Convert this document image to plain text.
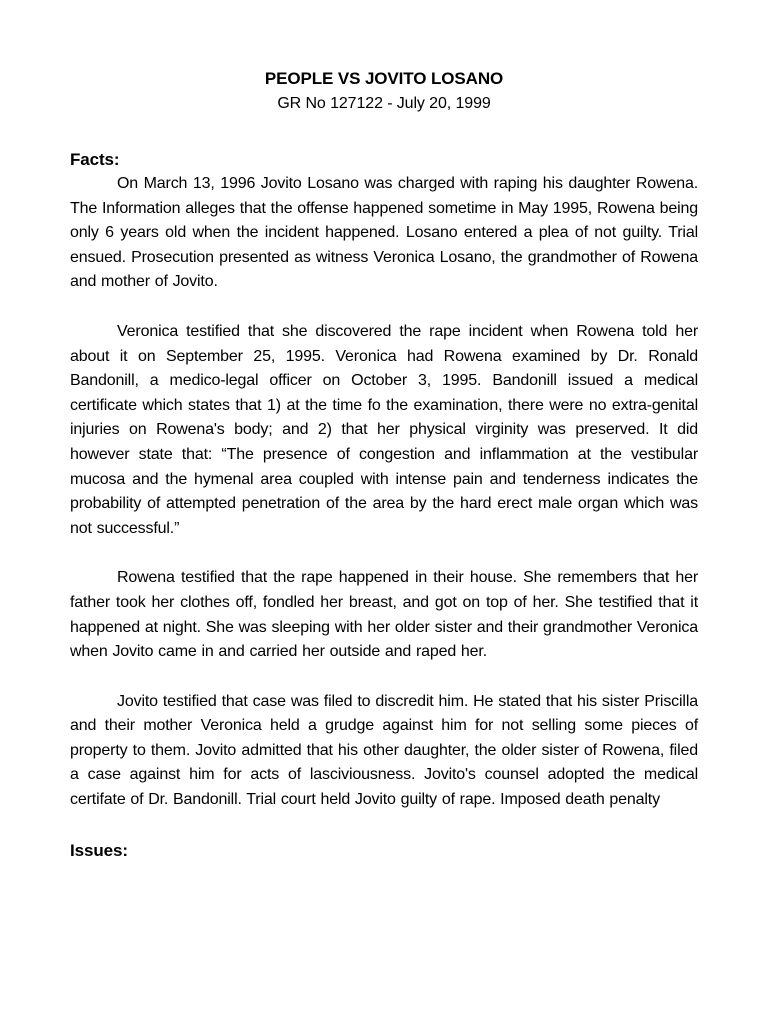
PEOPLE VS JOVITO LOSANO
GR No 127122 - July 20, 1999
Facts:

On March 13, 1996 Jovito Losano was charged with raping his daughter Rowena. The Information alleges that the offense happened sometime in May 1995, Rowena being only 6 years old when the incident happened. Losano entered a plea of not guilty. Trial ensued. Prosecution presented as witness Veronica Losano, the grandmother of Rowena and mother of Jovito.

Veronica testified that she discovered the rape incident when Rowena told her about it on September 25, 1995. Veronica had Rowena examined by Dr. Ronald Bandonill, a medico-legal officer on October 3, 1995. Bandonill issued a medical certificate which states that 1) at the time fo the examination, there were no extra-genital injuries on Rowena's body; and 2) that her physical virginity was preserved. It did however state that: “The presence of congestion and inflammation at the vestibular mucosa and the hymenal area coupled with intense pain and tenderness indicates the probability of attempted penetration of the area by the hard erect male organ which was not successful.”

Rowena testified that the rape happened in their house. She remembers that her father took her clothes off, fondled her breast, and got on top of her. She testified that it happened at night. She was sleeping with her older sister and their grandmother Veronica when Jovito came in and carried her outside and raped her.

Jovito testified that case was filed to discredit him. He stated that his sister Priscilla and their mother Veronica held a grudge against him for not selling some pieces of property to them. Jovito admitted that his other daughter, the older sister of Rowena, filed a case against him for acts of lasciviousness. Jovito's counsel adopted the medical certifate of Dr. Bandonill. Trial court held Jovito guilty of rape. Imposed death penalty

Issues:
